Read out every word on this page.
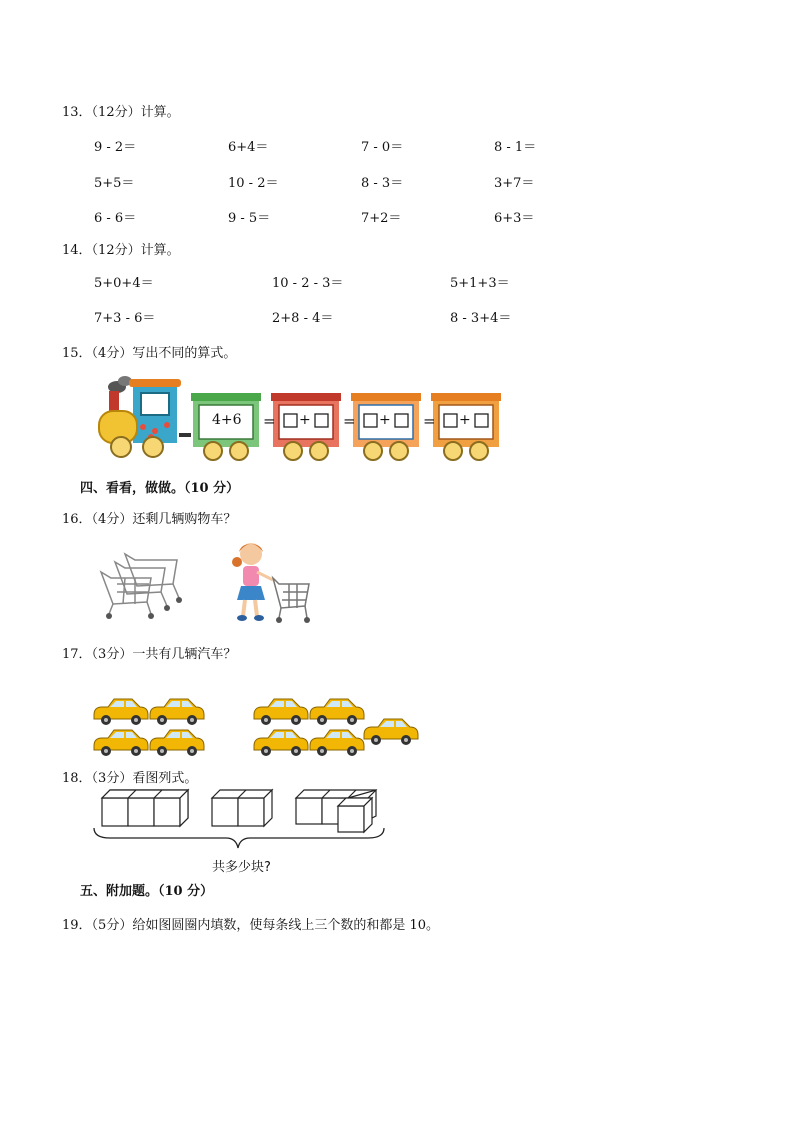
13．（12分）计算。
9 - 2＝	6+4＝	7 - 0＝	8 - 1＝
5+5＝	10 - 2＝	8 - 3＝	3+7＝
6 - 6＝	9 - 5＝	7+2＝	6+3＝
14．（12分）计算。
5+0+4＝	10 - 2 - 3＝	5+1+3＝
7+3 - 6＝	2+8 - 4＝	8 - 3+4＝
15．（4分）写出不同的算式。
4+6 =	=	=
+	+	+
四、看看，做做。（10 分）
16．（4分）还剩几辆购物车？
17．（3分）一共有几辆汽车？
18．（3分）看图列式。
共多少块?
五、附加题。（10 分）
19．（5分）给如图圆圈内填数，使每条线上三个数的和都是 10。
